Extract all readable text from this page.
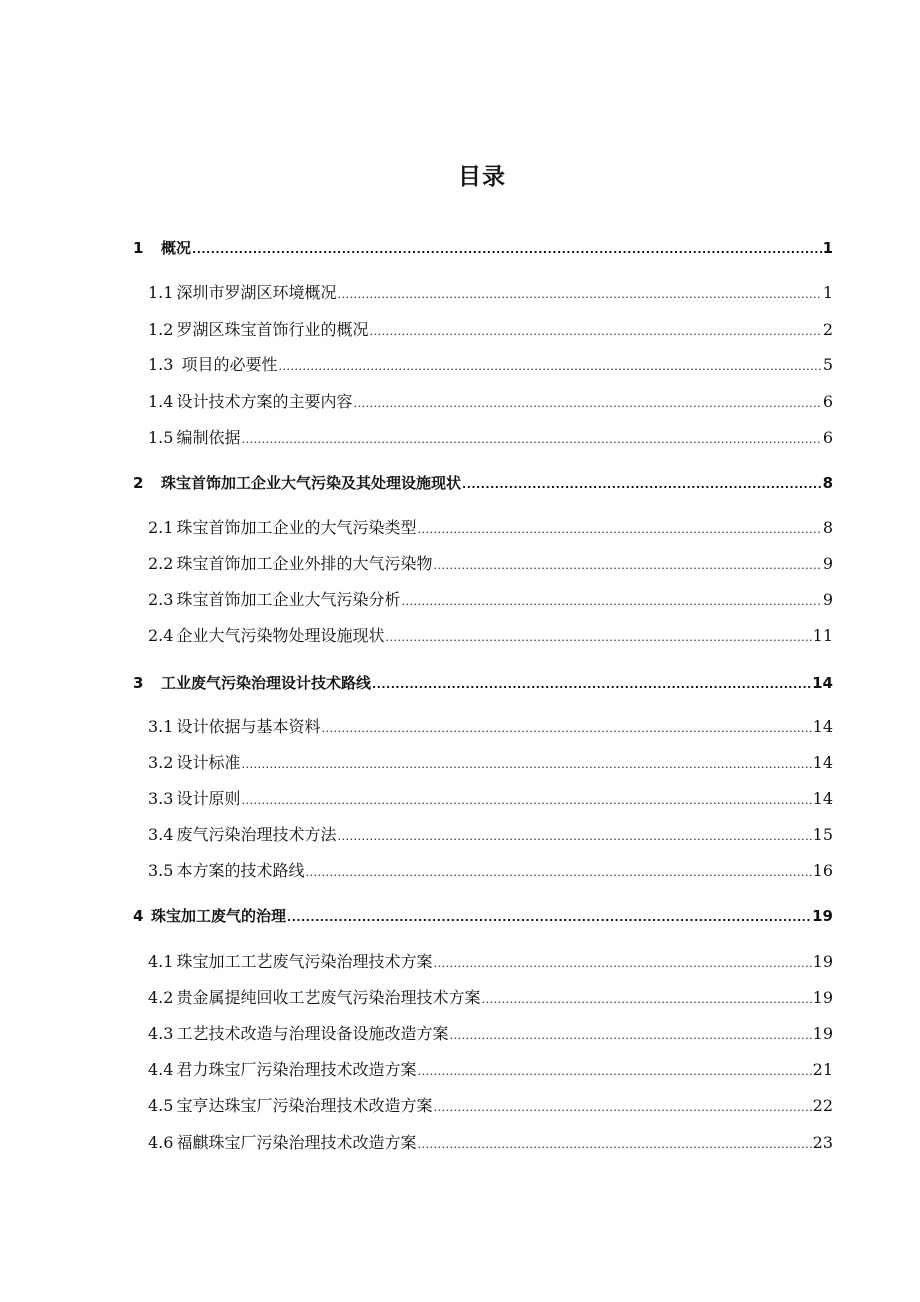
目录
1 概况 .....	1
1.1 深圳市罗湖区环境概况 .....	1
1.2 罗湖区珠宝首饰行业的概况 .....	2
1.3 项目的必要性 .....	5
1.4 设计技术方案的主要内容 .....	6
1.5 编制依据 .....	6
2 珠宝首饰加工企业大气污染及其处理设施现状 .....	8
2.1 珠宝首饰加工企业的大气污染类型 .....	8
2.2 珠宝首饰加工企业外排的大气污染物 .....	9
2.3 珠宝首饰加工企业大气污染分析 .....	9
2.4 企业大气污染物处理设施现状 .....	11
3 工业废气污染治理设计技术路线 .....	14
3.1 设计依据与基本资料 .....	14
3.2 设计标准 .....	14
3.3 设计原则 .....	14
3.4 废气污染治理技术方法 .....	15
3.5 本方案的技术路线 .....	16
4 珠宝加工废气的治理 .....	19
4.1 珠宝加工工艺废气污染治理技术方案 .....	19
4.2 贵金属提纯回收工艺废气污染治理技术方案 .....	19
4.3 工艺技术改造与治理设备设施改造方案 .....	19
4.4 君力珠宝厂污染治理技术改造方案 .....	21
4.5 宝亨达珠宝厂污染治理技术改造方案 .....	22
4.6 福麒珠宝厂污染治理技术改造方案 .....	23
